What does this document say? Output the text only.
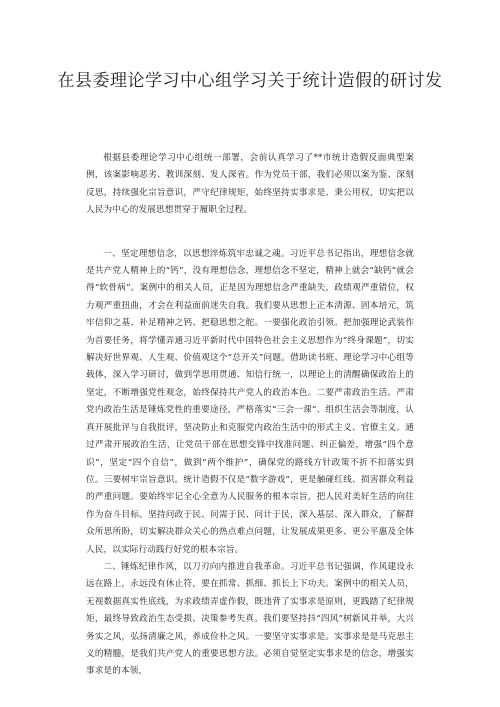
在县委理论学习中心组学习关于统计造假的研讨发

根据县委理论学习中心组统一部署，会前认真学习了**市统计造假反面典型案例，该案影响恶劣、教训深刻、发人深省。作为党员干部，我们必须以案为鉴、深刻反思，持续强化宗旨意识，严守纪律规矩，始终坚持实事求是、秉公用权，切实把以人民为中心的发展思想贯穿于履职全过程。

一、坚定理想信念，以思想淬炼筑牢忠诚之魂。习近平总书记指出，理想信念就是共产党人精神上的“钙”，没有理想信念，理想信念不坚定，精神上就会“缺钙”就会得“软骨病”。案例中的相关人员，正是因为理想信念严重缺失，政绩观严重错位，权力观严重扭曲，才会在利益面前迷失自我。我们要从思想上正本清源、固本培元，筑牢信仰之基、补足精神之钙、把稳思想之舵。一要强化政治引领。把加强理论武装作为首要任务，将学懂弄通习近平新时代中国特色社会主义思想作为“终身课题”，切实解决好世界观、人生观、价值观这个“总开关”问题。借助读书班、理论学习中心组等载体，深入学习研讨，做到学思用贯通、知信行统一，以理论上的清醒确保政治上的坚定，不断增强党性观念，始终保持共产党人的政治本色。二要严肃政治生活。严肃党内政治生活是锤炼党性的重要途径，严格落实“三会一课”、组织生活会等制度，认真开展批评与自我批评，坚决防止和克服党内政治生活中的形式主义、官僚主义。通过严肃开展政治生活，让党员干部在思想交锋中找准问题、纠正偏差，增强“四个意识”，坚定“四个自信”，做到“两个维护”，确保党的路线方针政策不折不扣落实到位。三要树牢宗旨意识。统计造假不仅是“数字游戏”，更是触碰红线、损害群众利益的严重问题。要始终牢记全心全意为人民服务的根本宗旨，把人民对美好生活的向往作为奋斗目标。坚持问政于民、问需于民、问计于民，深入基层、深入群众，了解群众所思所盼，切实解决群众关心的热点难点问题，让发展成果更多、更公平惠及全体人民，以实际行动践行好党的根本宗旨。

二、锤炼纪律作风，以刀刃向内推进自我革命。习近平总书记强调，作风建设永远在路上，永远没有休止符，要在抓常、抓细、抓长上下功夫。案例中的相关人员，无视数据真实性底线，为求政绩弄虚作假，既违背了实事求是原则，更践踏了纪律规矩，最终导致政治生态受损、决策参考失真。我们要坚持抖“四风”树新风并举，大兴务实之风，弘扬清廉之风，养成俭朴之风。一要坚守实事求是。实事求是是马克思主义的精髓，是我们共产党人的重要思想方法。必须自觉坚定实事求是的信念，增强实事求是的本领，
